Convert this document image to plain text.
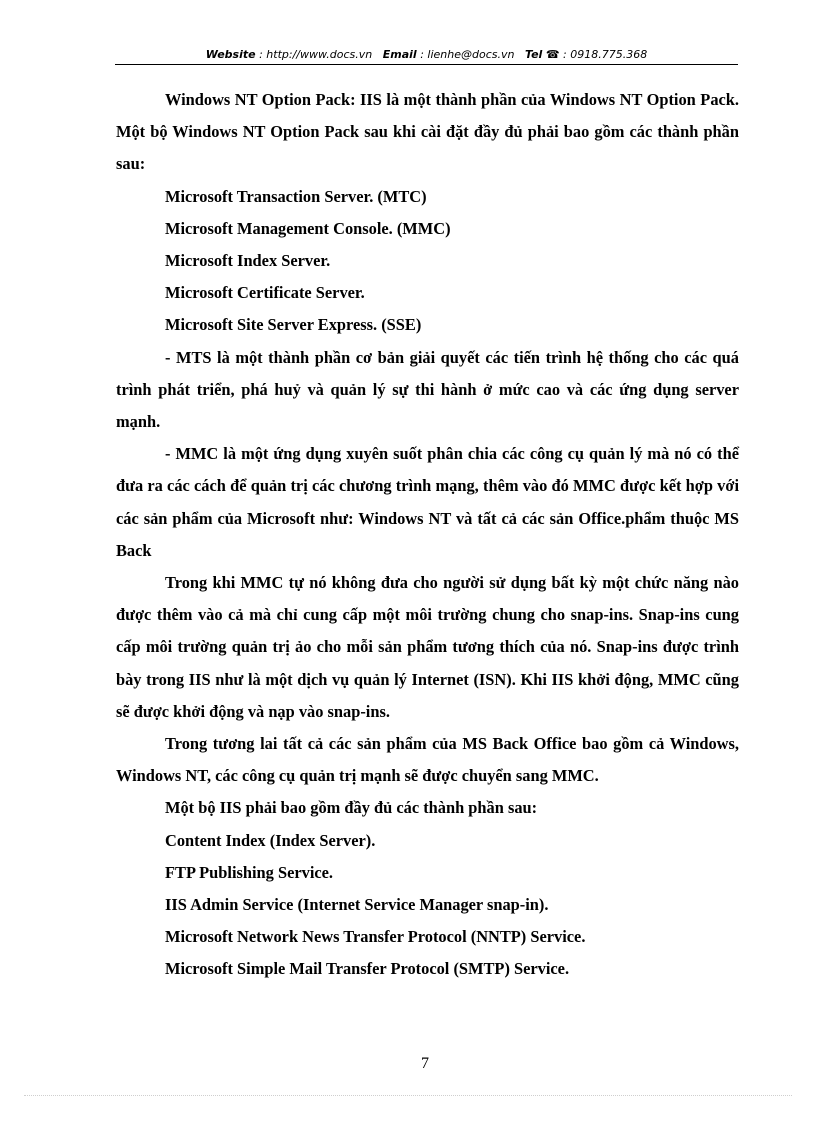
Website : http://www.docs.vn Email : lienhe@docs.vn Tel ☎ : 0918.775.368

Windows NT Option Pack: IIS là một thành phần của Windows NT Option Pack. Một bộ Windows NT Option Pack sau khi cài đặt đầy đủ phải bao gồm các thành phần sau:

Microsoft Transaction Server. (MTC)

Microsoft Management Console. (MMC)

Microsoft Index Server.

Microsoft Certificate Server.

Microsoft Site Server Express. (SSE)

- MTS là một thành phần cơ bản giải quyết các tiến trình hệ thống cho các quá trình phát triển, phá huỷ và quản lý sự thi hành ở mức cao và các ứng dụng server mạnh.

- MMC là một ứng dụng xuyên suốt phân chia các công cụ quản lý mà nó có thể đưa ra các cách để quản trị các chương trình mạng, thêm vào đó MMC được kết hợp với các sản phẩm của Microsoft như: Windows NT và tất cả các sản Office.phẩm thuộc MS Back

Trong khi MMC tự nó không đưa cho người sử dụng bất kỳ một chức năng nào được thêm vào cả mà chỉ cung cấp một môi trường chung cho snap-ins. Snap-ins cung cấp môi trường quản trị ảo cho mỗi sản phẩm tương thích của nó. Snap-ins được trình bày trong IIS như là một dịch vụ quản lý Internet (ISN). Khi IIS khởi động, MMC cũng sẽ được khởi động và nạp vào snap-ins.

Trong tương lai tất cả các sản phẩm của MS Back Office bao gồm cả Windows, Windows NT, các công cụ quản trị mạnh sẽ được chuyển sang MMC.

Một bộ IIS phải bao gồm đầy đủ các thành phần sau:

Content Index (Index Server).

FTP Publishing Service.

IIS Admin Service (Internet Service Manager snap-in).

Microsoft Network News Transfer Protocol (NNTP) Service.

Microsoft Simple Mail Transfer Protocol (SMTP) Service.

7
